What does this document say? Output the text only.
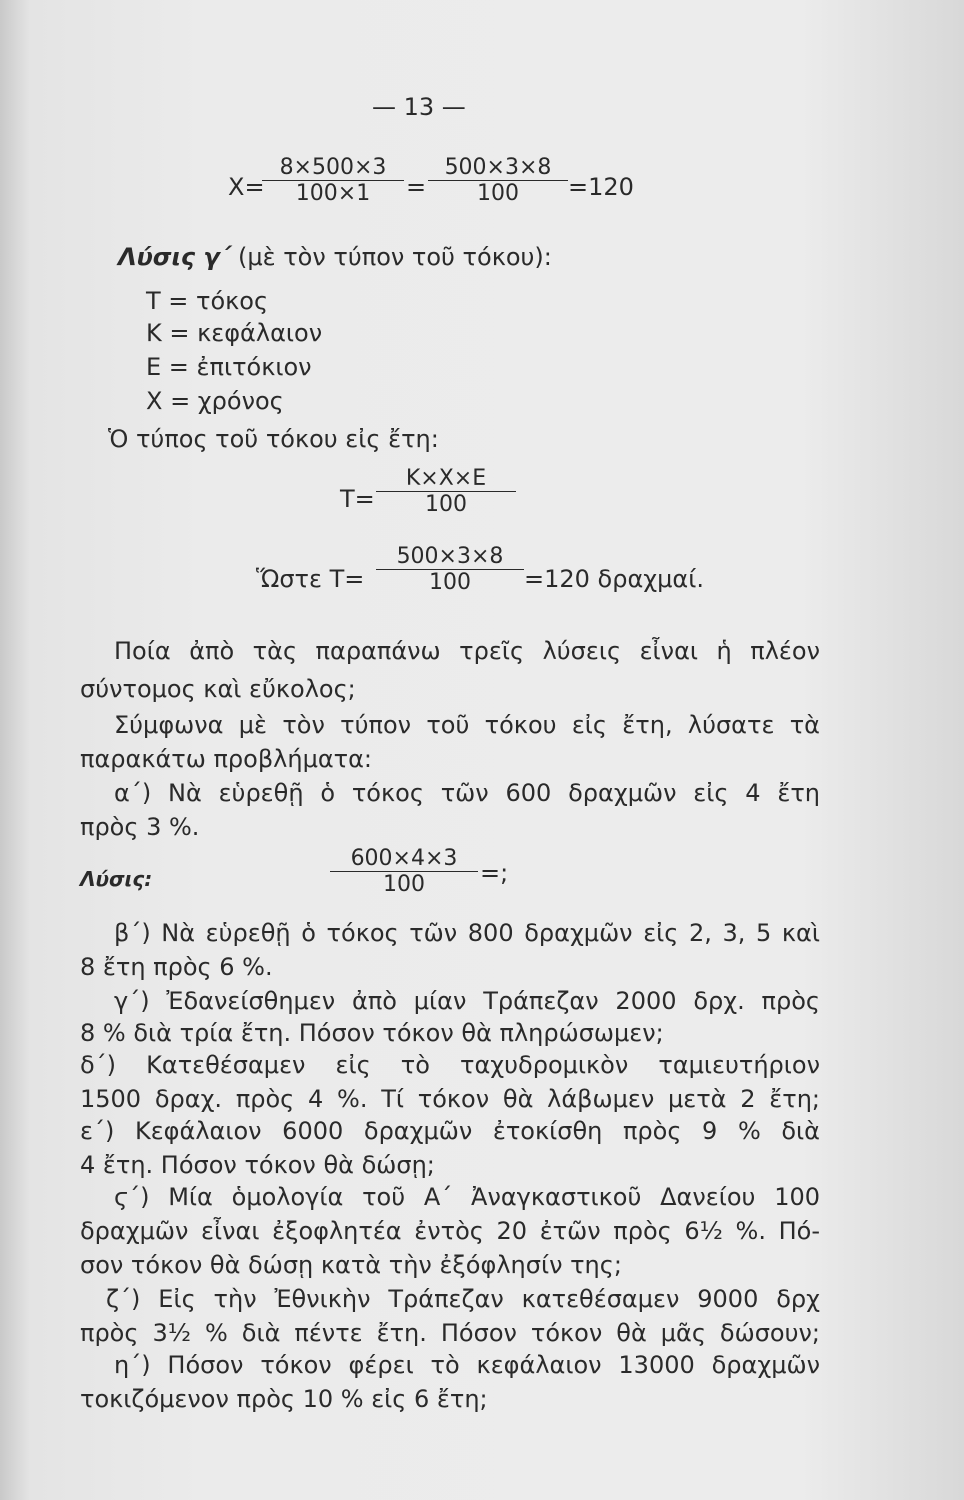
— 13 —
X=
8×500×3
100×1	=
500×3×8
100	=120
Λύσις γ΄ (μὲ τὸν τύπον τοῦ τόκου):
Τ = τόκος
Κ = κεφάλαιον
Ε = ἐπιτόκιον
Χ = χρόνος
Ὁ τύπος τοῦ τόκου εἰς ἔτη:
Τ=
Κ×Χ×Ε
100
Ὥστε Τ=
500×3×8
100	=120 δραχμαί.
Ποία ἀπὸ τὰς παραπάνω τρεῖς λύσεις εἶναι ἡ πλέον
σύντομος καὶ εὔκολος;
Σύμφωνα μὲ τὸν τύπον τοῦ τόκου εἰς ἔτη, λύσατε τὰ
παρακάτω προβλήματα:
α΄) Νὰ εὑρεθῇ ὁ τόκος τῶν 600 δραχμῶν εἰς 4 ἔτη
πρὸς 3 %.
Λύσις:
600×4×3
100	=;
β΄) Νὰ εὑρεθῇ ὁ τόκος τῶν 800 δραχμῶν εἰς 2, 3, 5 καὶ
8 ἔτη πρὸς 6 %.
γ΄) Ἐδανείσθημεν ἀπὸ μίαν Τράπεζαν 2000 δρχ. πρὸς
8 % διὰ τρία ἔτη. Πόσον τόκον θὰ πληρώσωμεν;
δ΄) Κατεθέσαμεν εἰς τὸ ταχυδρομικὸν ταμιευτήριον
1500 δραχ. πρὸς 4 %. Τί τόκον θὰ λάβωμεν μετὰ 2 ἔτη;
ε΄) Κεφάλαιον 6000 δραχμῶν ἐτοκίσθη πρὸς 9 % διὰ
4 ἔτη. Πόσον τόκον θὰ δώσῃ;
ϛ΄) Μία ὁμολογία τοῦ Α΄ Ἀναγκαστικοῦ Δανείου 100
δραχμῶν εἶναι ἐξοφλητέα ἐντὸς 20 ἐτῶν πρὸς 6½ %. Πό-
σον τόκον θὰ δώσῃ κατὰ τὴν ἐξόφλησίν της;
ζ΄) Εἰς τὴν Ἐθνικὴν Τράπεζαν κατεθέσαμεν 9000 δρχ
πρὸς 3½ % διὰ πέντε ἔτη. Πόσον τόκον θὰ μᾶς δώσουν;
η΄) Πόσον τόκον φέρει τὸ κεφάλαιον 13000 δραχμῶν
τοκιζόμενον πρὸς 10 % εἰς 6 ἔτη;
